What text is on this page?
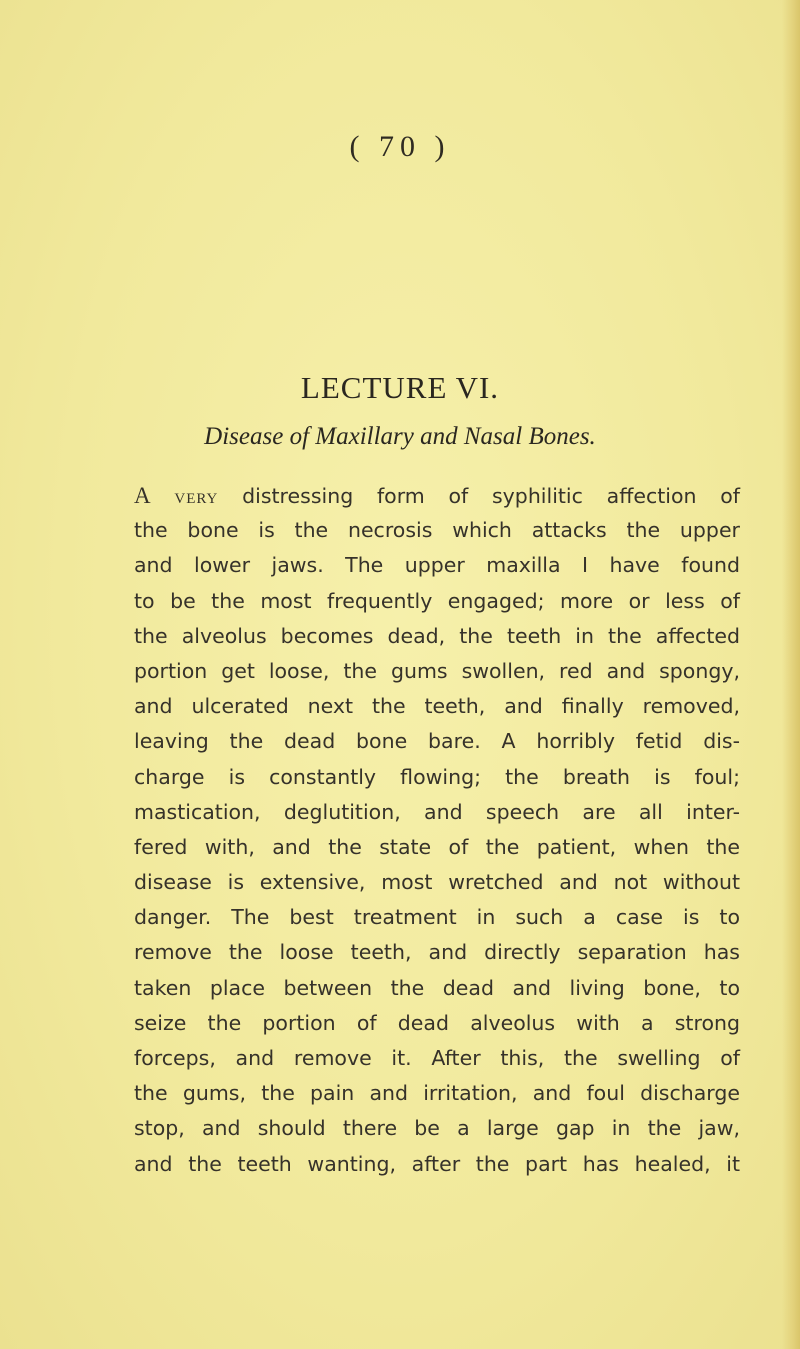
( 70 )
LECTURE VI.
Disease of Maxillary and Nasal Bones.
A very distressing form of syphilitic affection of
the bone is the necrosis which attacks the upper
and lower jaws. The upper maxilla I have found
to be the most frequently engaged; more or less of
the alveolus becomes dead, the teeth in the affected
portion get loose, the gums swollen, red and spongy,
and ulcerated next the teeth, and finally removed,
leaving the dead bone bare. A horribly fetid dis-
charge is constantly flowing; the breath is foul;
mastication, deglutition, and speech are all inter-
fered with, and the state of the patient, when the
disease is extensive, most wretched and not without
danger. The best treatment in such a case is to
remove the loose teeth, and directly separation has
taken place between the dead and living bone, to
seize the portion of dead alveolus with a strong
forceps, and remove it. After this, the swelling of
the gums, the pain and irritation, and foul discharge
stop, and should there be a large gap in the jaw,
and the teeth wanting, after the part has healed, it
